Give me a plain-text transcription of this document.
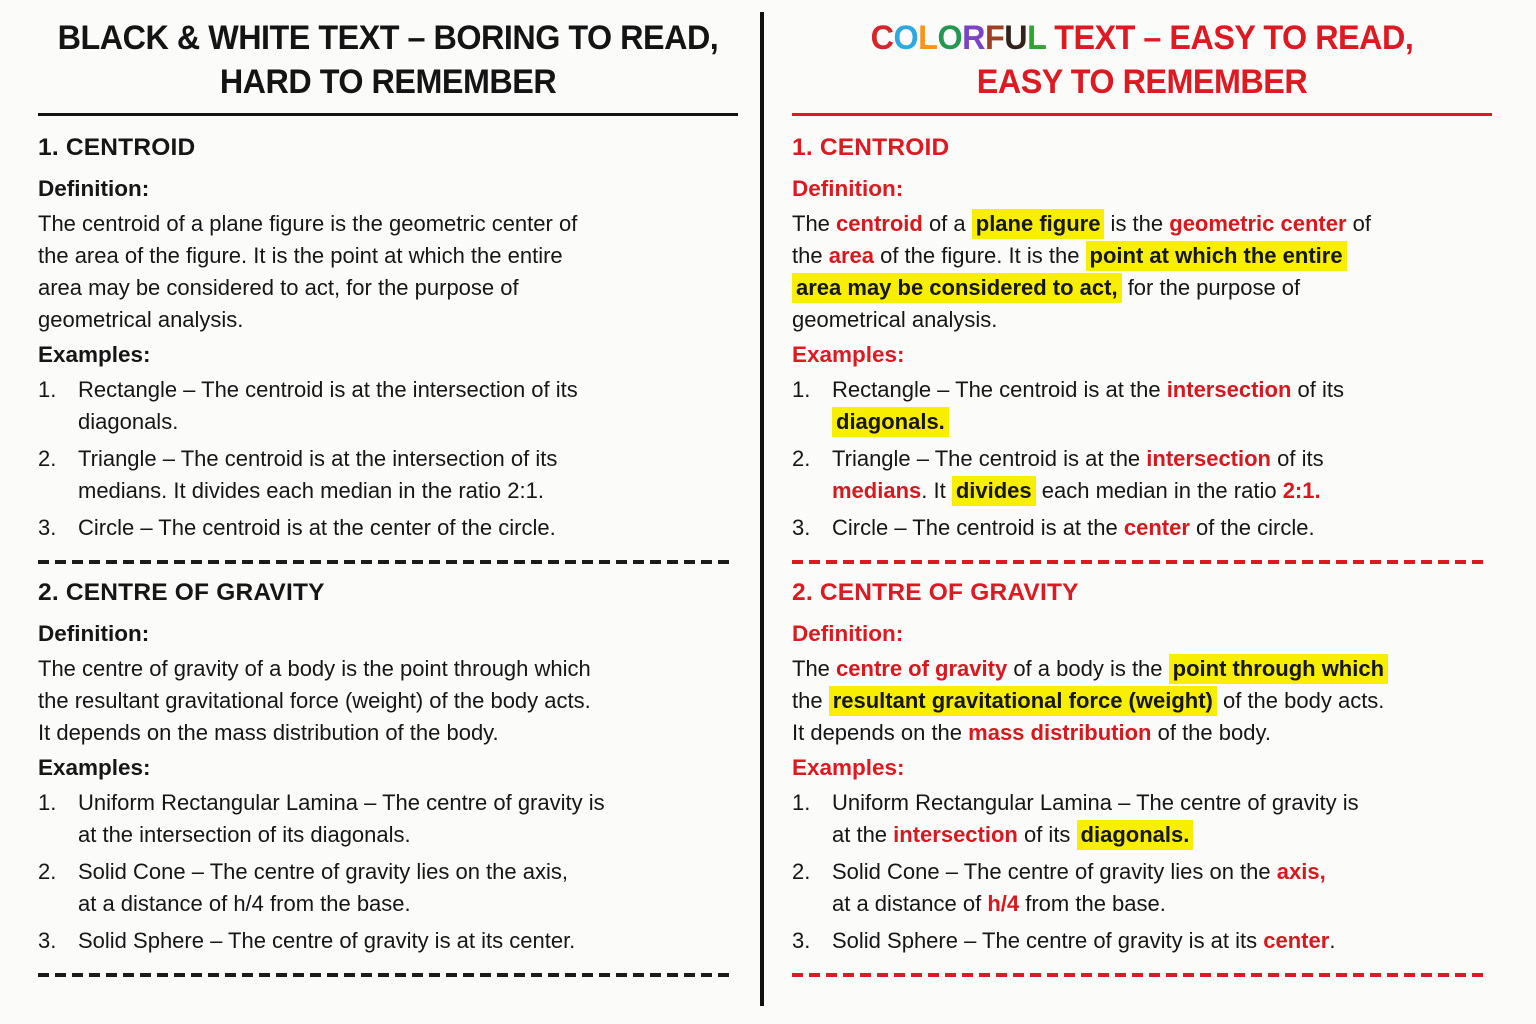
BLACK & WHITE TEXT – BORING TO READ,
HARD TO REMEMBER
1. CENTROID
Definition:
The centroid of a plane figure is the geometric center of
the area of the figure. It is the point at which the entire
area may be considered to act, for the purpose of
geometrical analysis.
Examples:
1. Rectangle – The centroid is at the intersection of its
diagonals.
2. Triangle – The centroid is at the intersection of its
medians. It divides each median in the ratio 2:1.
3. Circle – The centroid is at the center of the circle.
2. CENTRE OF GRAVITY
Definition:
The centre of gravity of a body is the point through which
the resultant gravitational force (weight) of the body acts.
It depends on the mass distribution of the body.
Examples:
1. Uniform Rectangular Lamina – The centre of gravity is
at the intersection of its diagonals.
2. Solid Cone – The centre of gravity lies on the axis,
at a distance of h/4 from the base.
3. Solid Sphere – The centre of gravity is at its center.
COLORFUL TEXT – EASY TO READ,
EASY TO REMEMBER
1. CENTROID
Definition:
The centroid of a plane figure is the geometric center of
the area of the figure. It is the point at which the entire
area may be considered to act, for the purpose of
geometrical analysis.
Examples:
1. Rectangle – The centroid is at the intersection of its
diagonals.
2. Triangle – The centroid is at the intersection of its
medians. It divides each median in the ratio 2:1.
3. Circle – The centroid is at the center of the circle.
2. CENTRE OF GRAVITY
Definition:
The centre of gravity of a body is the point through which
the resultant gravitational force (weight) of the body acts.
It depends on the mass distribution of the body.
Examples:
1. Uniform Rectangular Lamina – The centre of gravity is
at the intersection of its diagonals.
2. Solid Cone – The centre of gravity lies on the axis,
at a distance of h/4 from the base.
3. Solid Sphere – The centre of gravity is at its center.
